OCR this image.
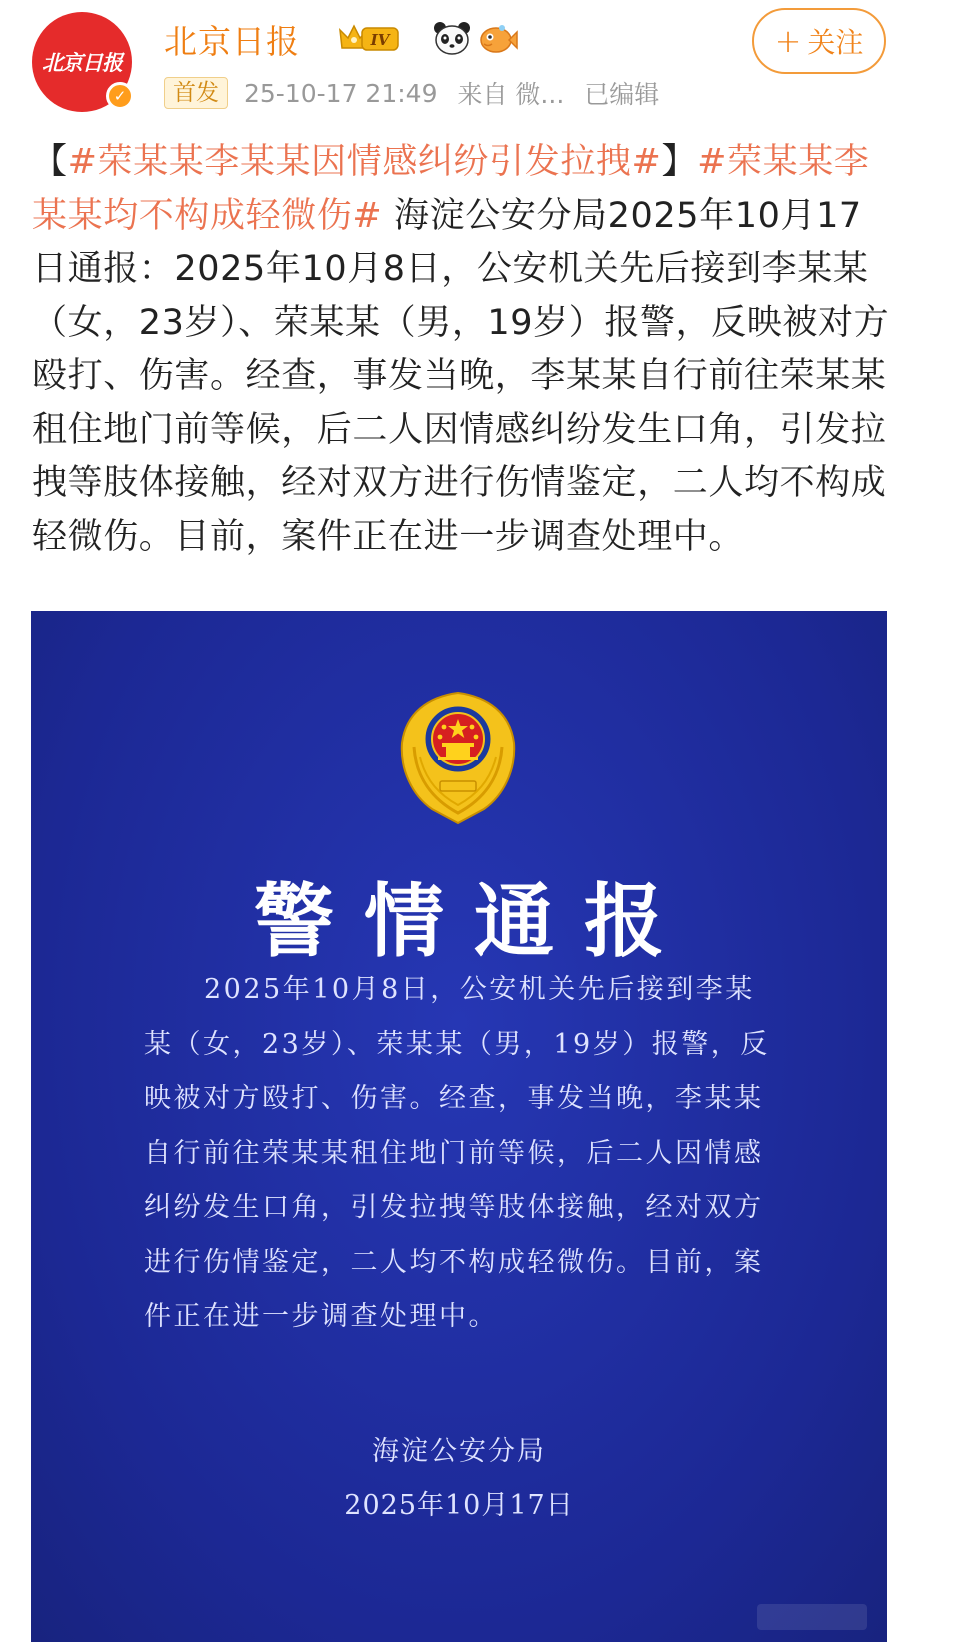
北京日报
✓
北京日报	IV
首发	25-10-17 21:49 来自 微... 已编辑
+ 关注
【#荣某某李某某因情感纠纷引发拉拽#】#荣某某李某某均不构成轻微伤# 海淀公安分局2025年10月17日通报：2025年10月8日，公安机关先后接到李某某（女，23岁）、荣某某（男，19岁）报警，反映被对方殴打、伤害。经查，事发当晚，李某某自行前往荣某某租住地门前等候，后二人因情感纠纷发生口角，引发拉拽等肢体接触，经对双方进行伤情鉴定，二人均不构成轻微伤。目前，案件正在进一步调查处理中。
警情通报
2025年10月8日，公安机关先后接到李某某（女，23岁）、荣某某（男，19岁）报警，反映被对方殴打、伤害。经查，事发当晚，李某某自行前往荣某某租住地门前等候，后二人因情感纠纷发生口角，引发拉拽等肢体接触，经对双方进行伤情鉴定，二人均不构成轻微伤。目前，案件正在进一步调查处理中。
海淀公安分局
2025年10月17日
